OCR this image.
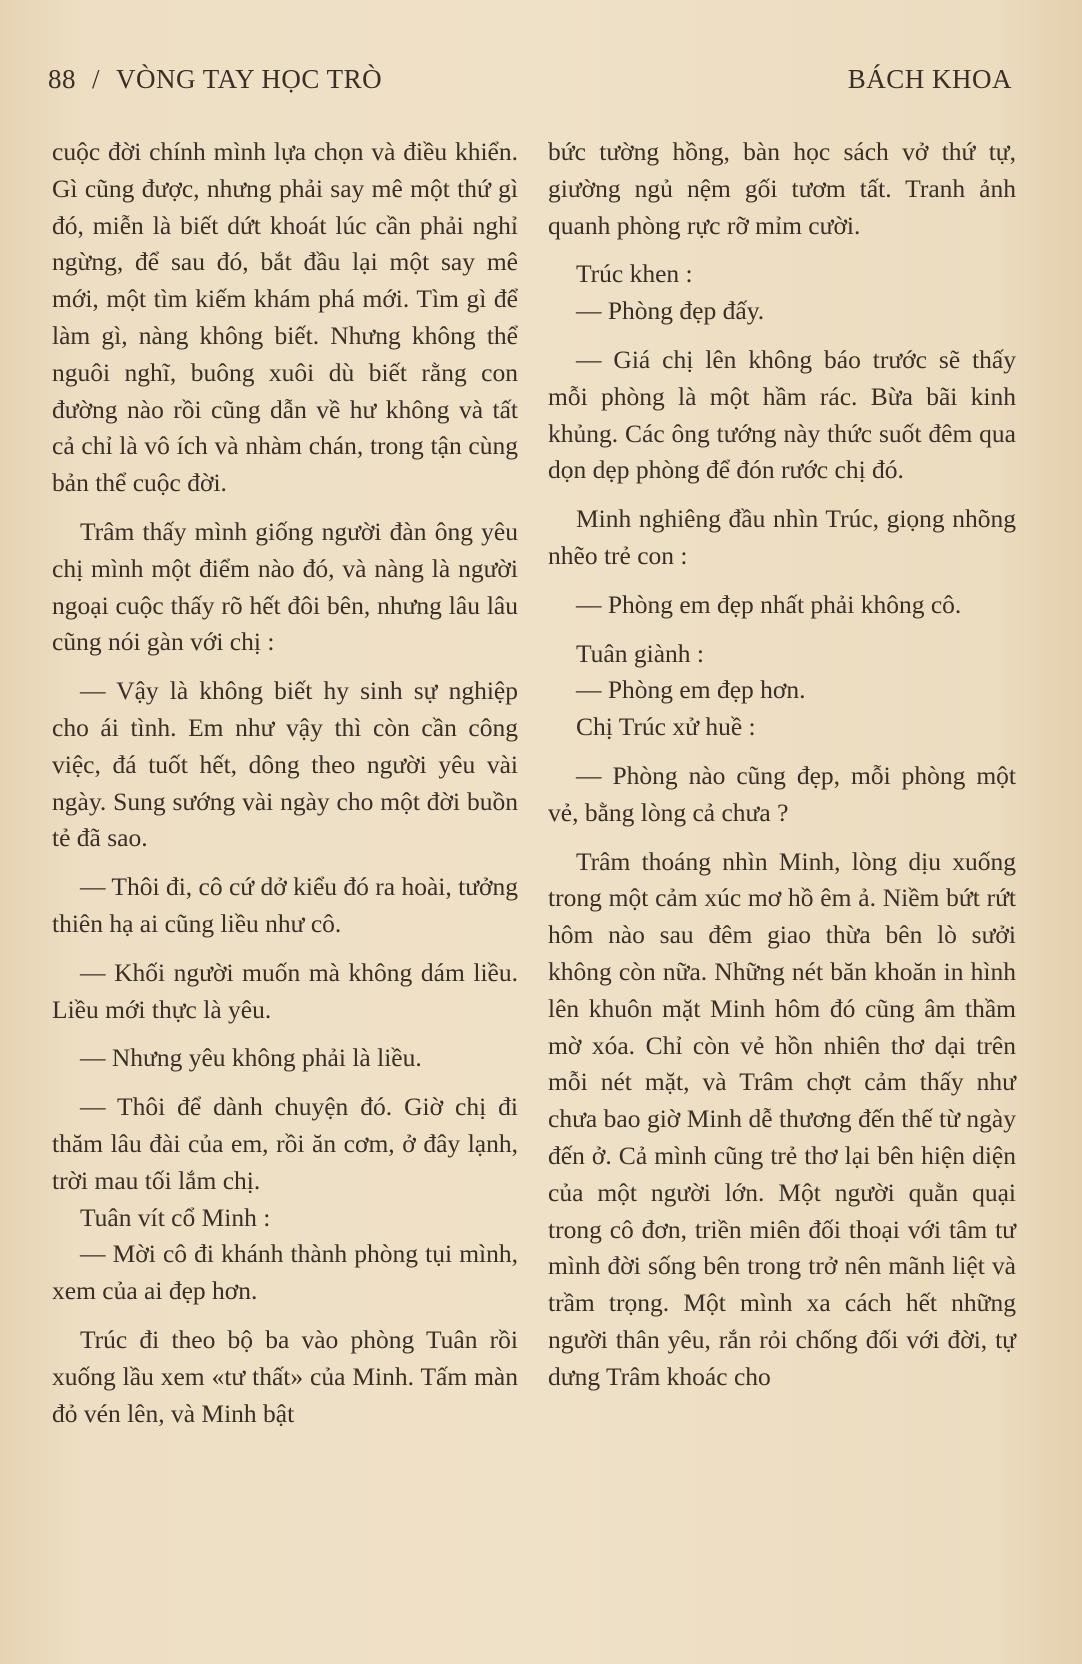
88 / VÒNG TAY HỌC TRÒ	BÁCH KHOA

cuộc đời chính mình lựa chọn và điều khiển. Gì cũng được, nhưng phải say mê một thứ gì đó, miễn là biết dứt khoát lúc cần phải nghỉ ngừng, để sau đó, bắt đầu lại một say mê mới, một tìm kiếm khám phá mới. Tìm gì để làm gì, nàng không biết. Nhưng không thể nguôi nghĩ, buông xuôi dù biết rằng con đường nào rồi cũng dẫn về hư không và tất cả chỉ là vô ích và nhàm chán, trong tận cùng bản thể cuộc đời.

Trâm thấy mình giống người đàn ông yêu chị mình một điểm nào đó, và nàng là người ngoại cuộc thấy rõ hết đôi bên, nhưng lâu lâu cũng nói gàn với chị :

— Vậy là không biết hy sinh sự nghiệp cho ái tình. Em như vậy thì còn cần công việc, đá tuốt hết, dông theo người yêu vài ngày. Sung sướng vài ngày cho một đời buồn tẻ đã sao.

— Thôi đi, cô cứ dở kiểu đó ra hoài, tưởng thiên hạ ai cũng liều như cô.

— Khối người muốn mà không dám liều. Liều mới thực là yêu.

— Nhưng yêu không phải là liều.

— Thôi để dành chuyện đó. Giờ chị đi thăm lâu đài của em, rồi ăn cơm, ở đây lạnh, trời mau tối lắm chị.

Tuân vít cổ Minh :

— Mời cô đi khánh thành phòng tụi mình, xem của ai đẹp hơn.

Trúc đi theo bộ ba vào phòng Tuân rồi xuống lầu xem «tư thất» của Minh. Tấm màn đỏ vén lên, và Minh bật

bức tường hồng, bàn học sách vở thứ tự, giường ngủ nệm gối tươm tất. Tranh ảnh quanh phòng rực rỡ mỉm cười.

Trúc khen :

— Phòng đẹp đấy.

— Giá chị lên không báo trước sẽ thấy mỗi phòng là một hầm rác. Bừa bãi kinh khủng. Các ông tướng này thức suốt đêm qua dọn dẹp phòng để đón rước chị đó.

Minh nghiêng đầu nhìn Trúc, giọng nhõng nhẽo trẻ con :

— Phòng em đẹp nhất phải không cô.

Tuân giành :

— Phòng em đẹp hơn.

Chị Trúc xử huề :

— Phòng nào cũng đẹp, mỗi phòng một vẻ, bằng lòng cả chưa ?

Trâm thoáng nhìn Minh, lòng dịu xuống trong một cảm xúc mơ hồ êm ả. Niềm bứt rứt hôm nào sau đêm giao thừa bên lò sưởi không còn nữa. Những nét băn khoăn in hình lên khuôn mặt Minh hôm đó cũng âm thầm mờ xóa. Chỉ còn vẻ hồn nhiên thơ dại trên mỗi nét mặt, và Trâm chợt cảm thấy như chưa bao giờ Minh dễ thương đến thế từ ngày đến ở. Cả mình cũng trẻ thơ lại bên hiện diện của một người lớn. Một người quằn quại trong cô đơn, triền miên đối thoại với tâm tư mình đời sống bên trong trở nên mãnh liệt và trầm trọng. Một mình xa cách hết những người thân yêu, rắn rỏi chống đối với đời, tự dưng Trâm khoác cho
